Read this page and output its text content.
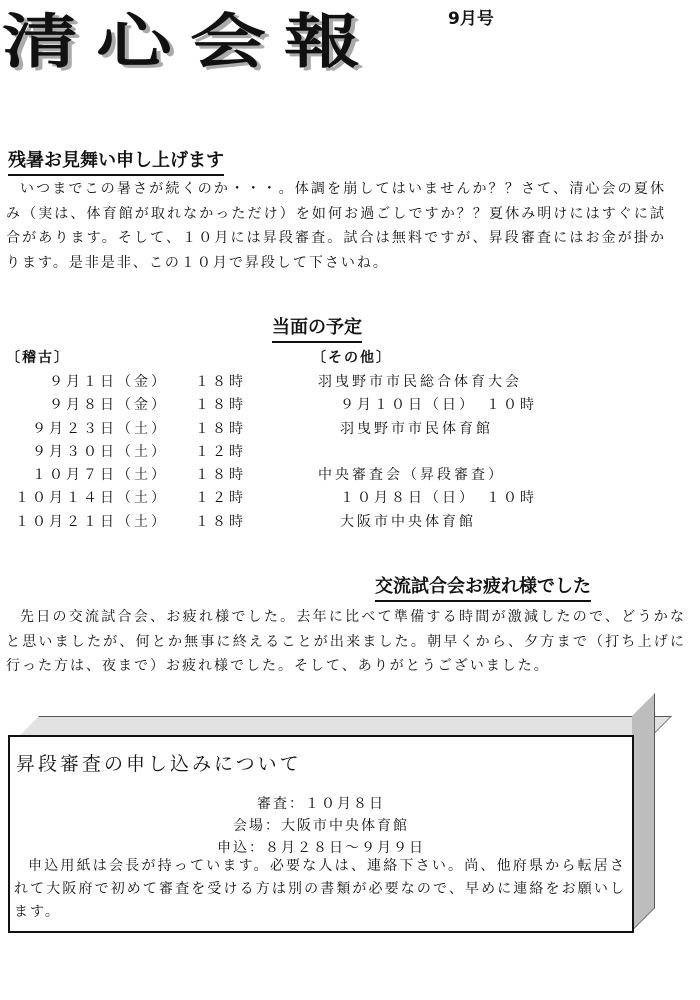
清心会報	9月号
残暑お見舞い申し上げます
いつまでこの暑さが続くのか・・・。体調を崩してはいませんか？？さて、清心会の夏休み（実は、体育館が取れなかっただけ）を如何お過ごしですか？？夏休み明けにはすぐに試合があります。そして、１０月には昇段審査。試合は無料ですが、昇段審査にはお金が掛かります。是非是非、この１０月で昇段して下さいね。
当面の予定
〔稽古〕	〔その他〕
９月１日（金） １８時
９月８日（金） １８時
９月２３日（土） １８時
９月３０日（土） １２時
１０月７日（土） １８時
１０月１４日（土） １２時
１０月２１日（土） １８時
羽曳野市市民総合体育大会
９月１０日（日）　１０時
羽曳野市市民体育館
中央審査会（昇段審査）
１０月８日（日）　１０時
大阪市中央体育館
交流試合会お疲れ様でした
先日の交流試合会、お疲れ様でした。去年に比べて準備する時間が激減したので、どうかなと思いましたが、何とか無事に終えることが出来ました。朝早くから、夕方まで（打ち上げに行った方は、夜まで）お疲れ様でした。そして、ありがとうございました。
昇段審査の申し込みについて
審査：１０月８日
会場：大阪市中央体育館
申込：８月２８日～９月９日
申込用紙は会長が持っています。必要な人は、連絡下さい。尚、他府県から転居されて大阪府で初めて審査を受ける方は別の書類が必要なので、早めに連絡をお願いします。
